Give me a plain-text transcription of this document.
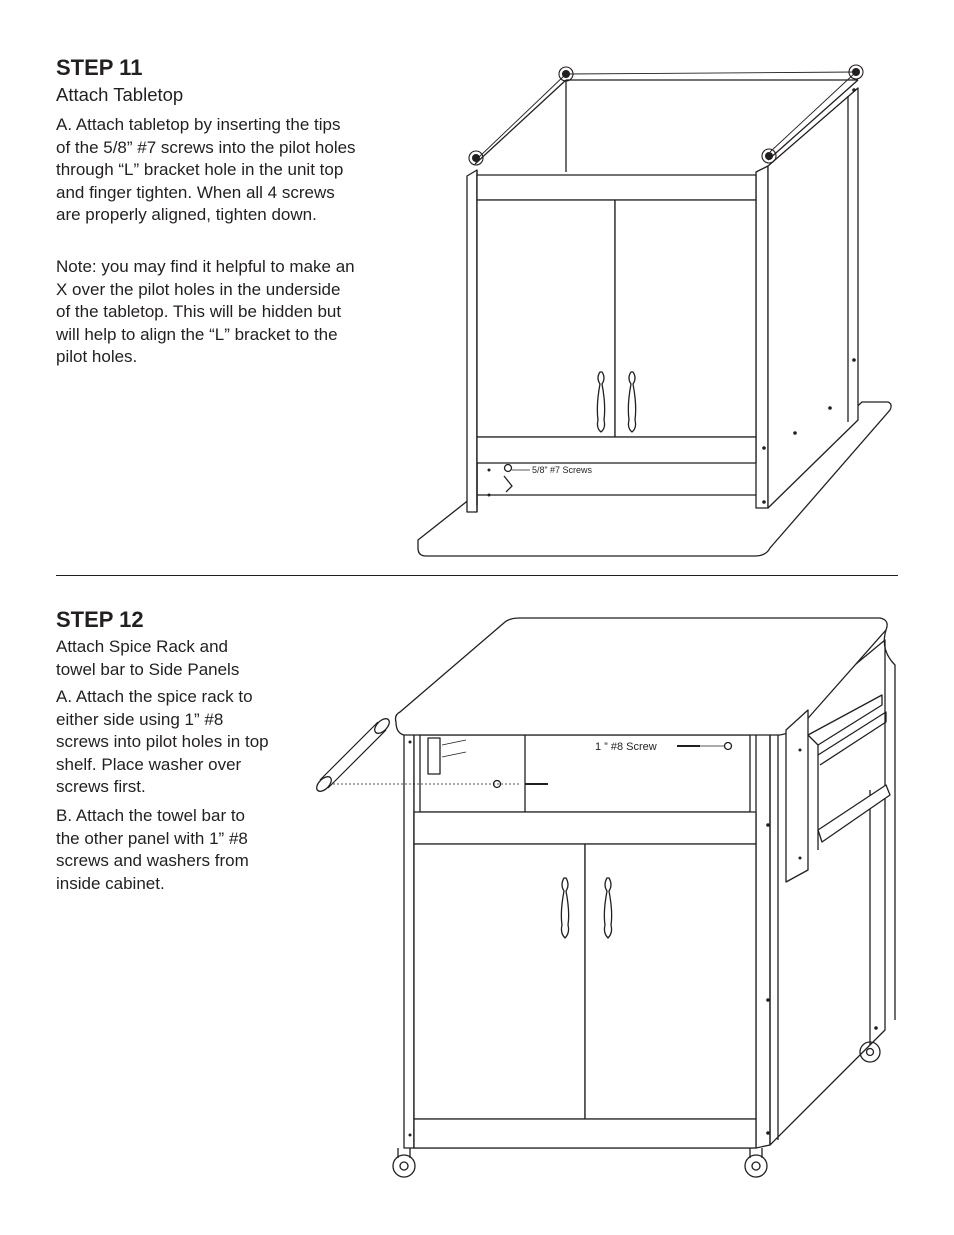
STEP 11

Attach Tabletop

A. Attach tabletop by inserting the tips of the 5/8” #7 screws into the pilot holes through “L” bracket hole in the unit top and finger tighten. When all 4 screws are properly aligned, tighten down.

Note: you may find it helpful to make an X over the pilot holes in the underside of the tabletop. This will be hidden but will help to align the “L” bracket to the pilot holes.

5/8” #7 Screws
STEP 12

Attach Spice Rack and towel bar to Side Panels

A. Attach the spice rack to either side using 1” #8 screws into pilot holes in top shelf. Place washer over screws first.

B. Attach the towel bar to the other panel with 1” #8 screws and washers from inside cabinet.

1 ” #8 Screw
